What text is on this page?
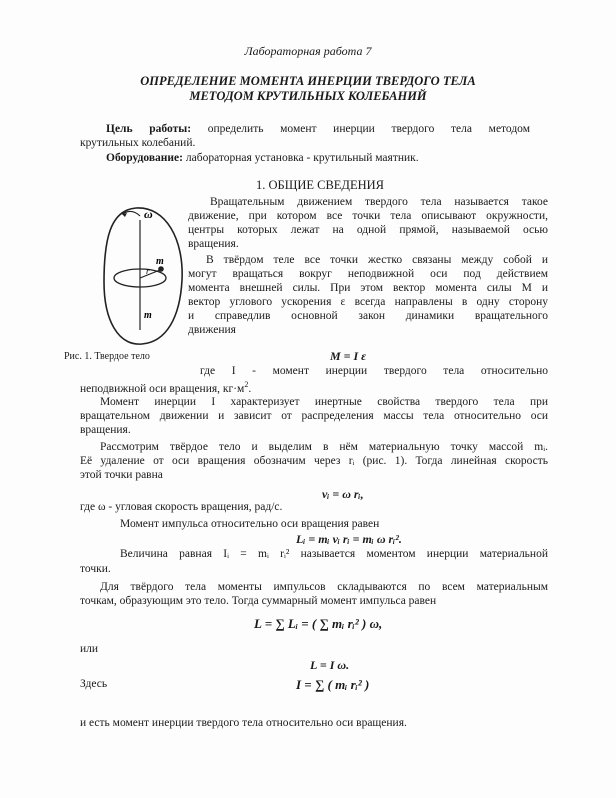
Лабораторная работа 7
ОПРЕДЕЛЕНИЕ МОМЕНТА ИНЕРЦИИ ТВЕРДОГО ТЕЛА
МЕТОДОМ КРУТИЛЬНЫХ КОЛЕБАНИЙ
Цель работы: определить момент инерции твердого тела методом
крутильных колебаний.
Оборудование: лабораторная установка - крутильный маятник.
1. ОБЩИЕ СВЕДЕНИЯ
ω
m
r
m
Рис. 1. Твердое тело
Вращательным движением твердого тела называется такое
движение, при котором все точки тела описывают окружности,
центры которых лежат на одной прямой, называемой осью
вращения.
В твёрдом теле все точки жестко связаны между собой и
могут вращаться вокруг неподвижной оси под действием
момента внешней силы. При этом вектор момента силы M и
вектор углового ускорения ε всегда направлены в одну сторону
и справедлив основной закон динамики вращательного
движения
M = I ε
где I - момент инерции твердого тела относительно
неподвижной оси вращения, $кг\cdot м^2$.
Момент инерции I характеризует инертные свойства твердого тела при
вращательном движении и зависит от распределения массы тела относительно оси
вращения.
Рассмотрим твёрдое тело и выделим в нём материальную точку массой mᵢ.
Её удаление от оси вращения обозначим через rᵢ (рис. 1). Тогда линейная скорость
этой точки равна
vᵢ = ω rᵢ,
где ω - угловая скорость вращения, рад/с.
Момент импульса относительно оси вращения равен
Lᵢ = mᵢ vᵢ rᵢ = mᵢ ω rᵢ².
Величина равная Iᵢ = mᵢ rᵢ² называется моментом инерции материальной
точки.
Для твёрдого тела моменты импульсов складываются по всем материальным
точкам, образующим это тело. Тогда суммарный момент импульса равен
L = ∑ Lᵢ = ( ∑ mᵢ rᵢ² ) ω,
или
L = I ω.
Здесь	I = ∑ ( mᵢ rᵢ² )
и есть момент инерции твердого тела относительно оси вращения.
